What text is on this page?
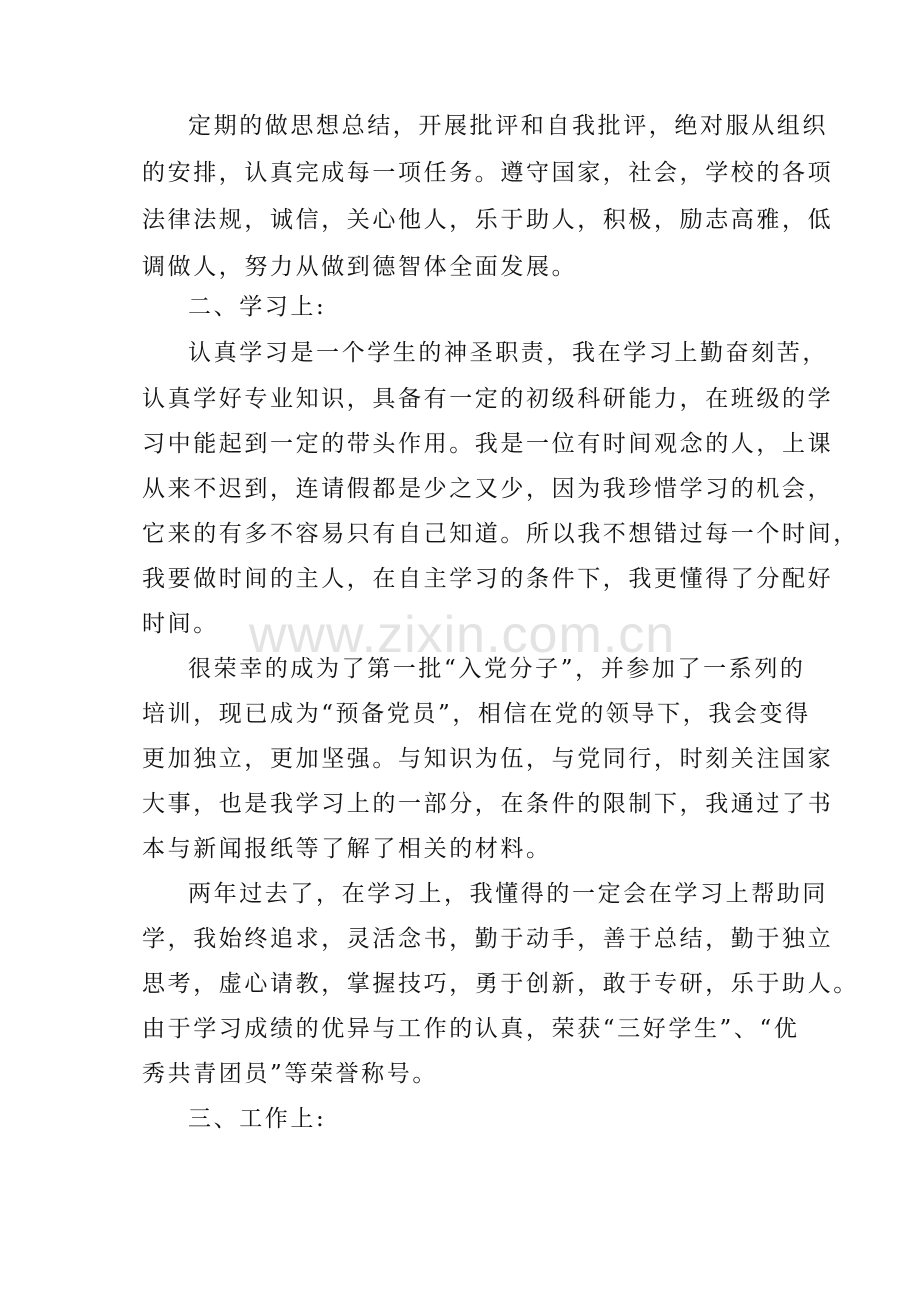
定期的做思想总结，开展批评和自我批评，绝对服从组织
的安排，认真完成每一项任务。遵守国家，社会，学校的各项
法律法规，诚信，关心他人，乐于助人，积极，励志高雅，低
调做人，努力从做到德智体全面发展。
二、学习上:
认真学习是一个学生的神圣职责，我在学习上勤奋刻苦，
认真学好专业知识，具备有一定的初级科研能力，在班级的学
习中能起到一定的带头作用。我是一位有时间观念的人，上课
从来不迟到，连请假都是少之又少，因为我珍惜学习的机会，
它来的有多不容易只有自己知道。所以我不想错过每一个时间，
我要做时间的主人，在自主学习的条件下，我更懂得了分配好
时间。
很荣幸的成为了第一批“入党分子”，并参加了一系列的
培训，现已成为“预备党员”，相信在党的领导下，我会变得
更加独立，更加坚强。与知识为伍，与党同行，时刻关注国家
大事，也是我学习上的一部分，在条件的限制下，我通过了书
本与新闻报纸等了解了相关的材料。
两年过去了，在学习上，我懂得的一定会在学习上帮助同
学，我始终追求，灵活念书，勤于动手，善于总结，勤于独立
思考，虚心请教，掌握技巧，勇于创新，敢于专研，乐于助人。
由于学习成绩的优异与工作的认真，荣获“三好学生”、“优
秀共青团员”等荣誉称号。
三、工作上:
www.zixin.com.cn
